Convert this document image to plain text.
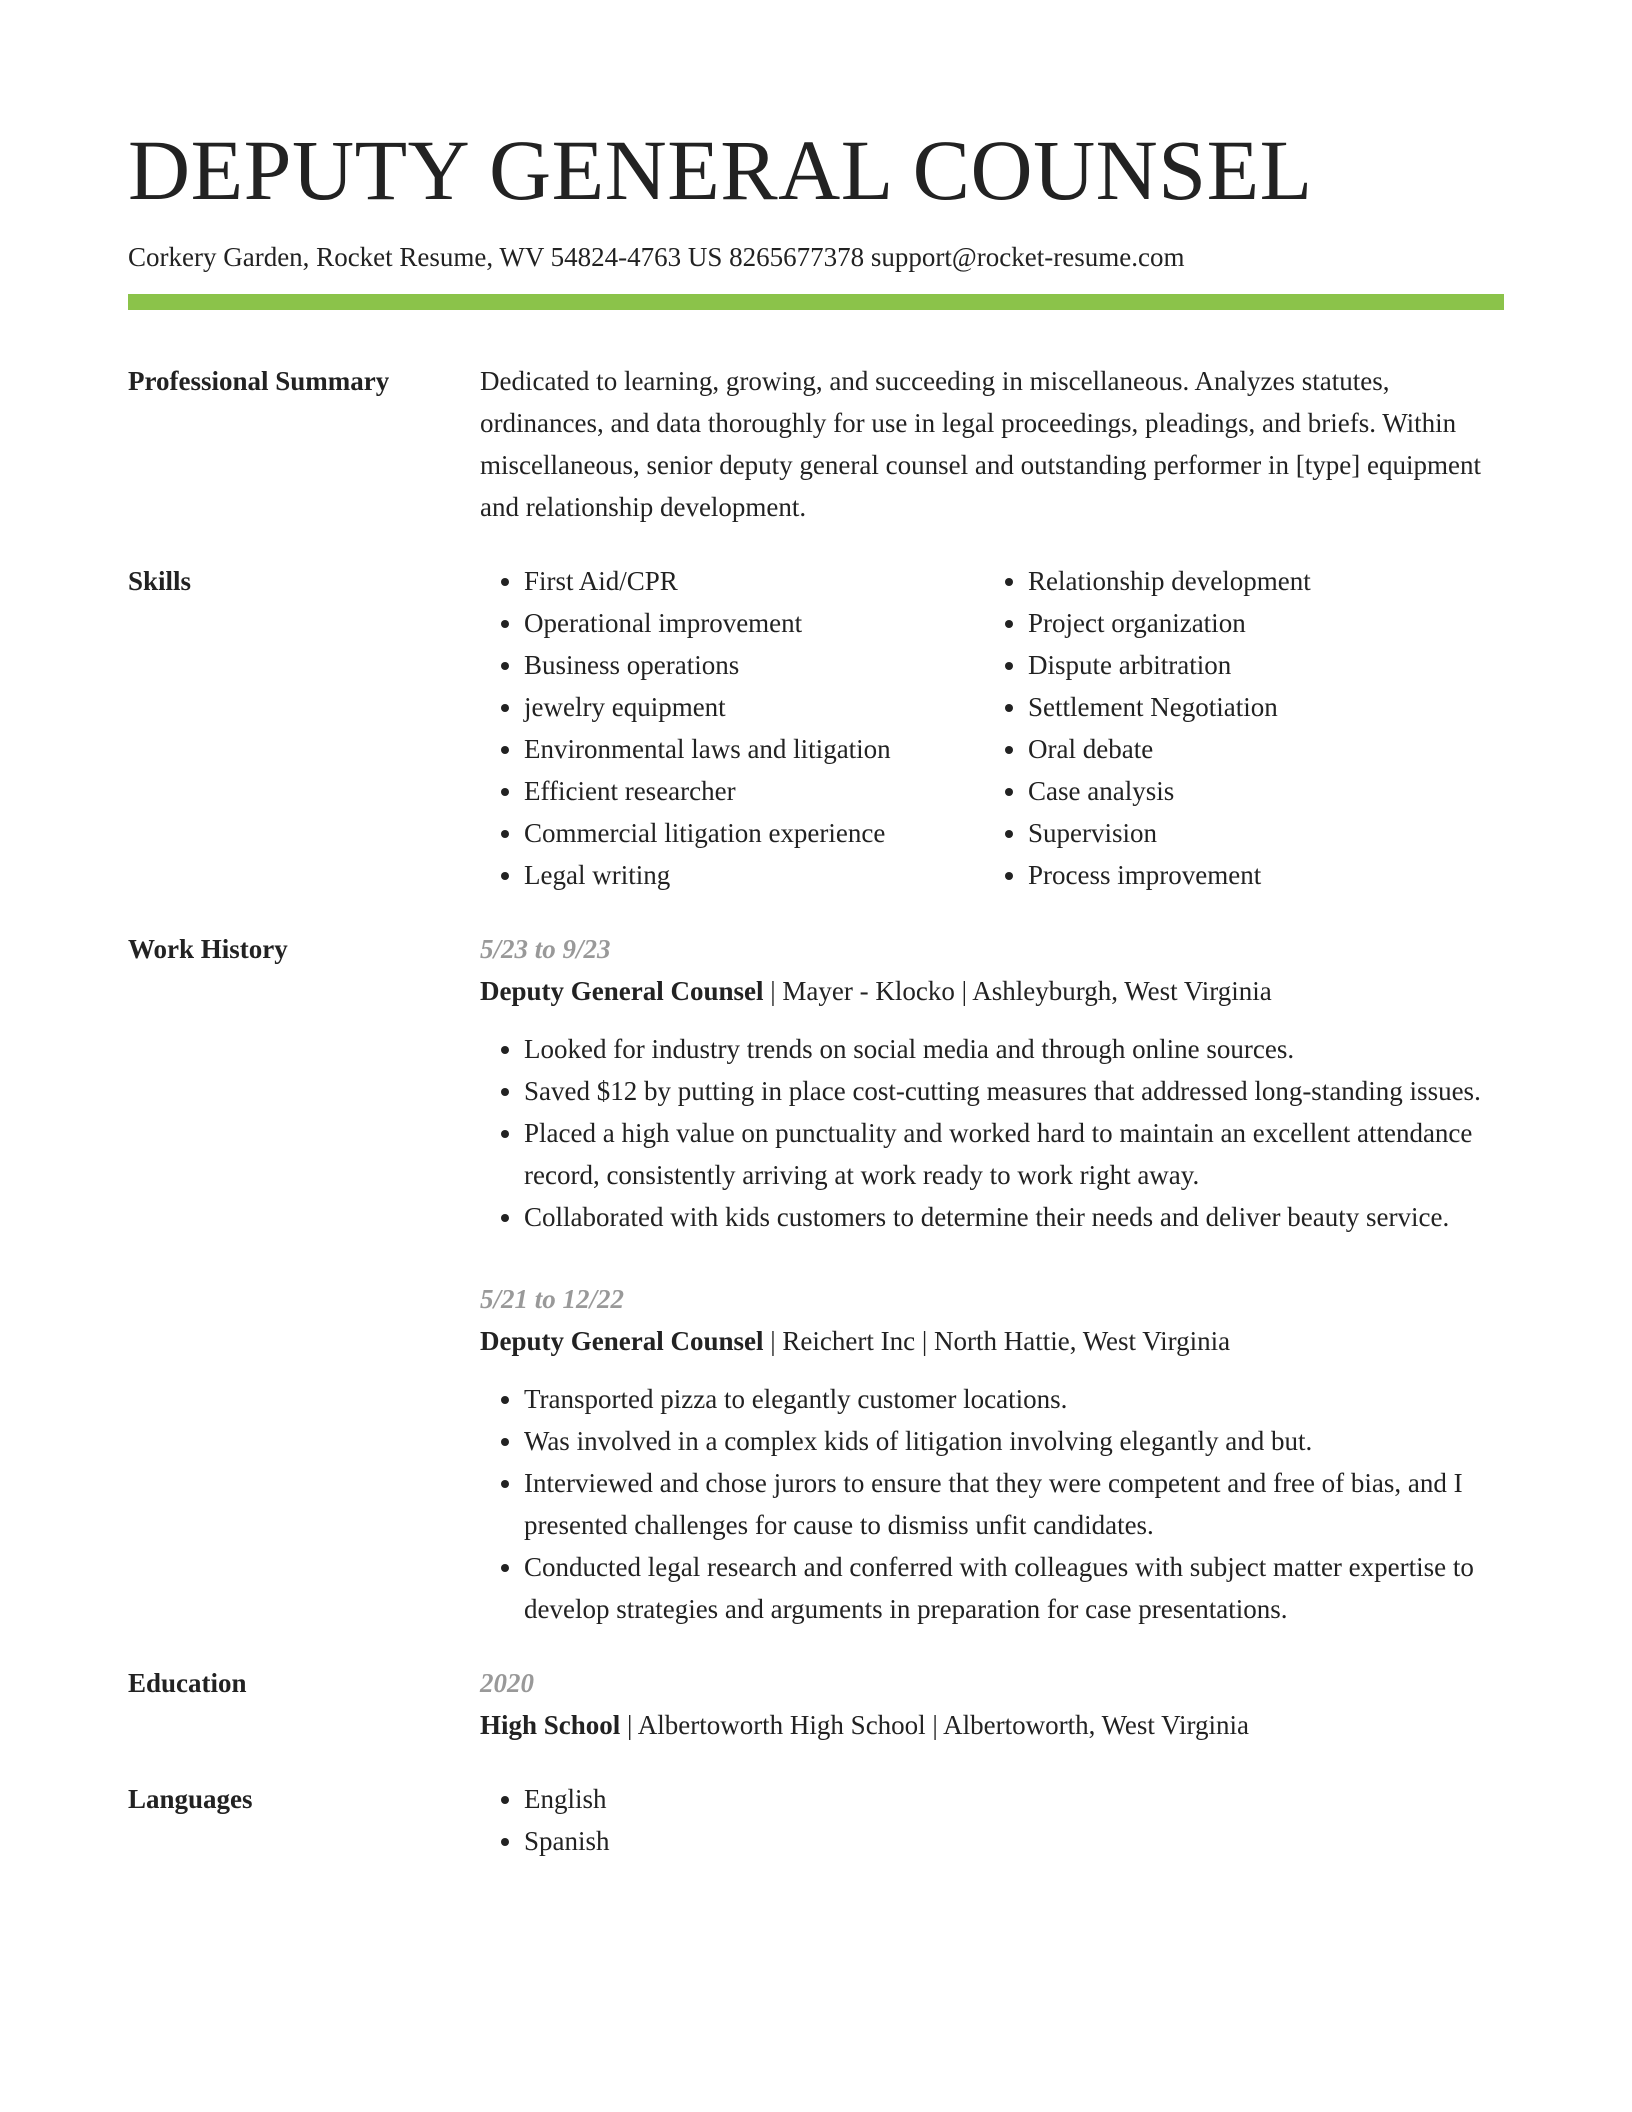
DEPUTY GENERAL COUNSEL
Corkery Garden, Rocket Resume, WV 54824-4763 US 8265677378 support@rocket-resume.com
Professional Summary	Dedicated to learning, growing, and succeeding in miscellaneous. Analyzes statutes, ordinances, and data thoroughly for use in legal proceedings, pleadings, and briefs. Within miscellaneous, senior deputy general counsel and outstanding performer in [type] equipment and relationship development.

Skills	• First Aid/CPR
• Operational improvement
• Business operations
• jewelry equipment
• Environmental laws and litigation
• Efficient researcher
• Commercial litigation experience
• Legal writing
• Relationship development
• Project organization
• Dispute arbitration
• Settlement Negotiation
• Oral debate
• Case analysis
• Supervision
• Process improvement
Work History	5/23 to 9/23
Deputy General Counsel | Mayer - Klocko | Ashleyburgh, West Virginia
• Looked for industry trends on social media and through online sources.
• Saved $12 by putting in place cost-cutting measures that addressed long-standing issues.
• Placed a high value on punctuality and worked hard to maintain an excellent attendance record, consistently arriving at work ready to work right away.
• Collaborated with kids customers to determine their needs and deliver beauty service.
5/21 to 12/22
Deputy General Counsel | Reichert Inc | North Hattie, West Virginia
• Transported pizza to elegantly customer locations.
• Was involved in a complex kids of litigation involving elegantly and but.
• Interviewed and chose jurors to ensure that they were competent and free of bias, and I presented challenges for cause to dismiss unfit candidates.
• Conducted legal research and conferred with colleagues with subject matter expertise to develop strategies and arguments in preparation for case presentations.
Education	2020
High School | Albertoworth High School | Albertoworth, West Virginia
Languages	• English
• Spanish
